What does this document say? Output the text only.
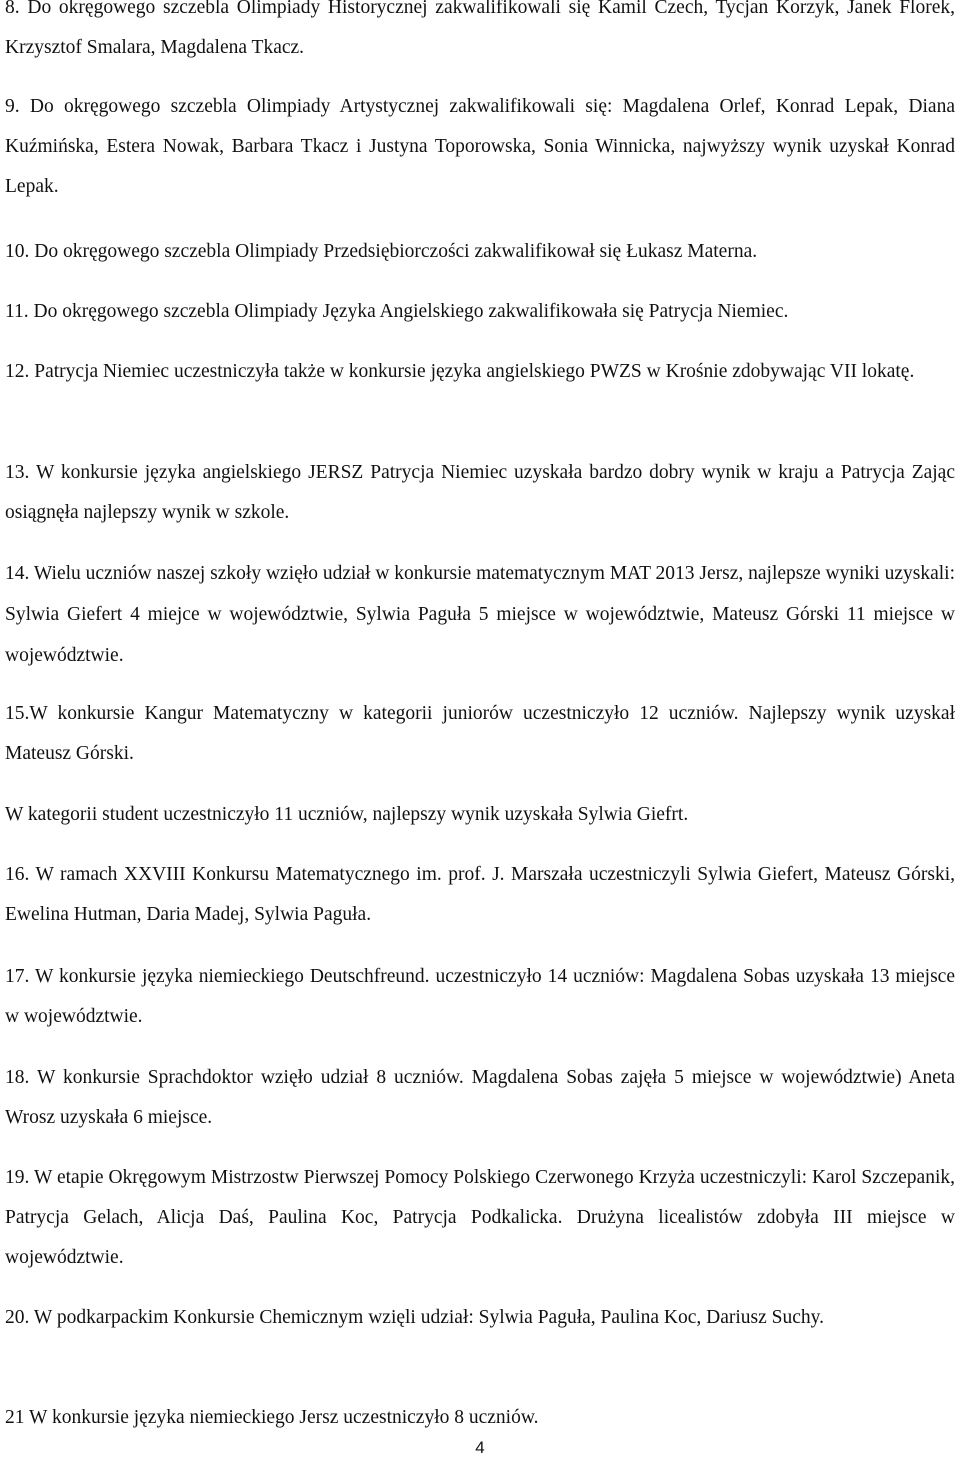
8. Do okręgowego szczebla Olimpiady Historycznej zakwalifikowali się Kamil Czech, Tycjan Korzyk, Janek Florek, Krzysztof Smalara, Magdalena Tkacz.

9. Do okręgowego szczebla Olimpiady Artystycznej zakwalifikowali się: Magdalena Orlef, Konrad Lepak, Diana Kuźmińska, Estera Nowak, Barbara Tkacz i Justyna Toporowska, Sonia Winnicka, najwyższy wynik uzyskał Konrad Lepak.

10. Do okręgowego szczebla Olimpiady Przedsiębiorczości zakwalifikował się Łukasz Materna.

11. Do okręgowego szczebla Olimpiady Języka Angielskiego zakwalifikowała się Patrycja Niemiec.

12. Patrycja Niemiec uczestniczyła także w konkursie języka angielskiego PWZS w Krośnie zdobywając VII lokatę.

13. W konkursie języka angielskiego JERSZ Patrycja Niemiec uzyskała bardzo dobry wynik w kraju a Patrycja Zając osiągnęła najlepszy wynik w szkole.

14. Wielu uczniów naszej szkoły wzięło udział w konkursie matematycznym MAT 2013 Jersz, najlepsze wyniki uzyskali: Sylwia Giefert 4 miejce w województwie, Sylwia Paguła 5 miejsce w województwie, Mateusz Górski 11 miejsce w województwie.

15.W konkursie Kangur Matematyczny w kategorii juniorów uczestniczyło 12 uczniów. Najlepszy wynik uzyskał Mateusz Górski.

W kategorii student uczestniczyło 11 uczniów, najlepszy wynik uzyskała Sylwia Giefrt.

16. W ramach XXVIII Konkursu Matematycznego im. prof. J. Marszała uczestniczyli Sylwia Giefert, Mateusz Górski, Ewelina Hutman, Daria Madej, Sylwia Paguła.

17. W konkursie języka niemieckiego Deutschfreund. uczestniczyło 14 uczniów: Magdalena Sobas uzyskała 13 miejsce w województwie.

18. W konkursie Sprachdoktor wzięło udział 8 uczniów. Magdalena Sobas zajęła 5 miejsce w województwie) Aneta Wrosz uzyskała 6 miejsce.

19. W etapie Okręgowym Mistrzostw Pierwszej Pomocy Polskiego Czerwonego Krzyża uczestniczyli: Karol Szczepanik, Patrycja Gelach, Alicja Daś, Paulina Koc, Patrycja Podkalicka. Drużyna licealistów zdobyła III miejsce w województwie.

20. W podkarpackim Konkursie Chemicznym wzięli udział: Sylwia Paguła, Paulina Koc, Dariusz Suchy.

21 W konkursie języka niemieckiego Jersz uczestniczyło 8 uczniów.

4
